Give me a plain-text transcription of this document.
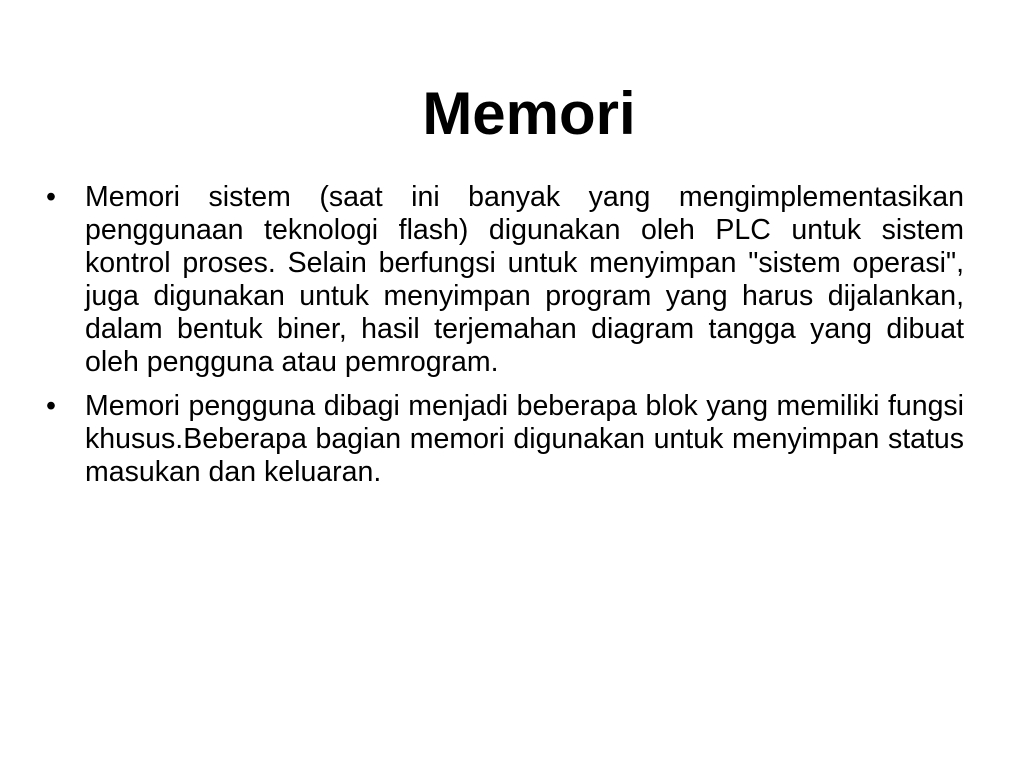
Memori
•	Memori sistem (saat ini banyak yang mengimplementasikan penggunaan teknologi flash) digunakan oleh PLC untuk sistem kontrol proses. Selain berfungsi untuk menyimpan "sistem operasi", juga digunakan untuk menyimpan program yang harus dijalankan, dalam bentuk biner, hasil terjemahan diagram tangga yang dibuat oleh pengguna atau pemrogram.
•	Memori pengguna dibagi menjadi beberapa blok yang memiliki fungsi khusus.Beberapa bagian memori digunakan untuk menyimpan status masukan dan keluaran.
